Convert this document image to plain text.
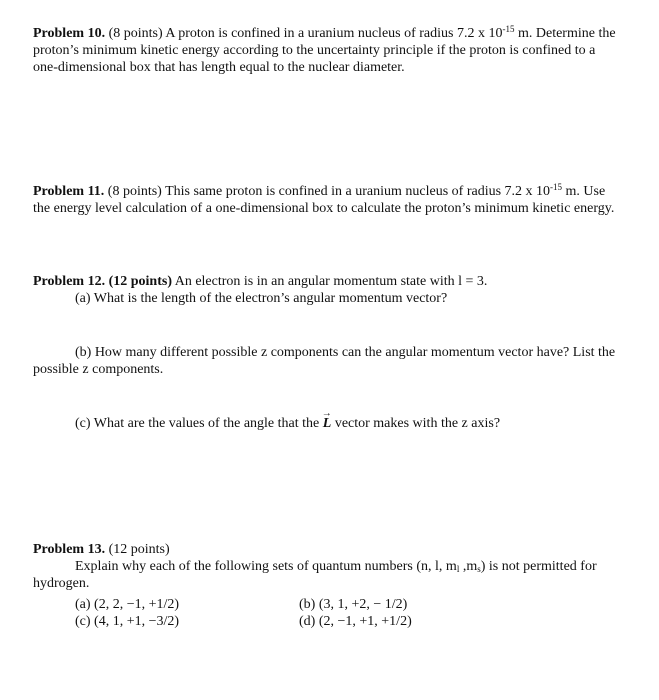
Problem 10. (8 points) A proton is confined in a uranium nucleus of radius 7.2 x $10^{-15}$ m. Determine the proton’s minimum kinetic energy according to the uncertainty principle if the proton is confined to a one-dimensional box that has length equal to the nuclear diameter.
Problem 11. (8 points) This same proton is confined in a uranium nucleus of radius 7.2 x $10^{-15}$ m. Use the energy level calculation of a one-dimensional box to calculate the proton’s minimum kinetic energy.
Problem 12. (12 points) An electron is in an angular momentum state with l = 3.
(a) What is the length of the electron’s angular momentum vector?
(b) How many different possible z components can the angular momentum vector have? List the possible z components.
(c) What are the values of the angle that the → L vector makes with the z axis?
Problem 13. (12 points)
Explain why each of the following sets of quantum numbers (n, l, $m_l$ $,m_s$) is not permitted for hydrogen.
(a) (2, 2, −1, +1/2)	(b) (3, 1, +2, − 1/2)
(c) (4, 1, +1, −3/2)	(d) (2, −1, +1, +1/2)
